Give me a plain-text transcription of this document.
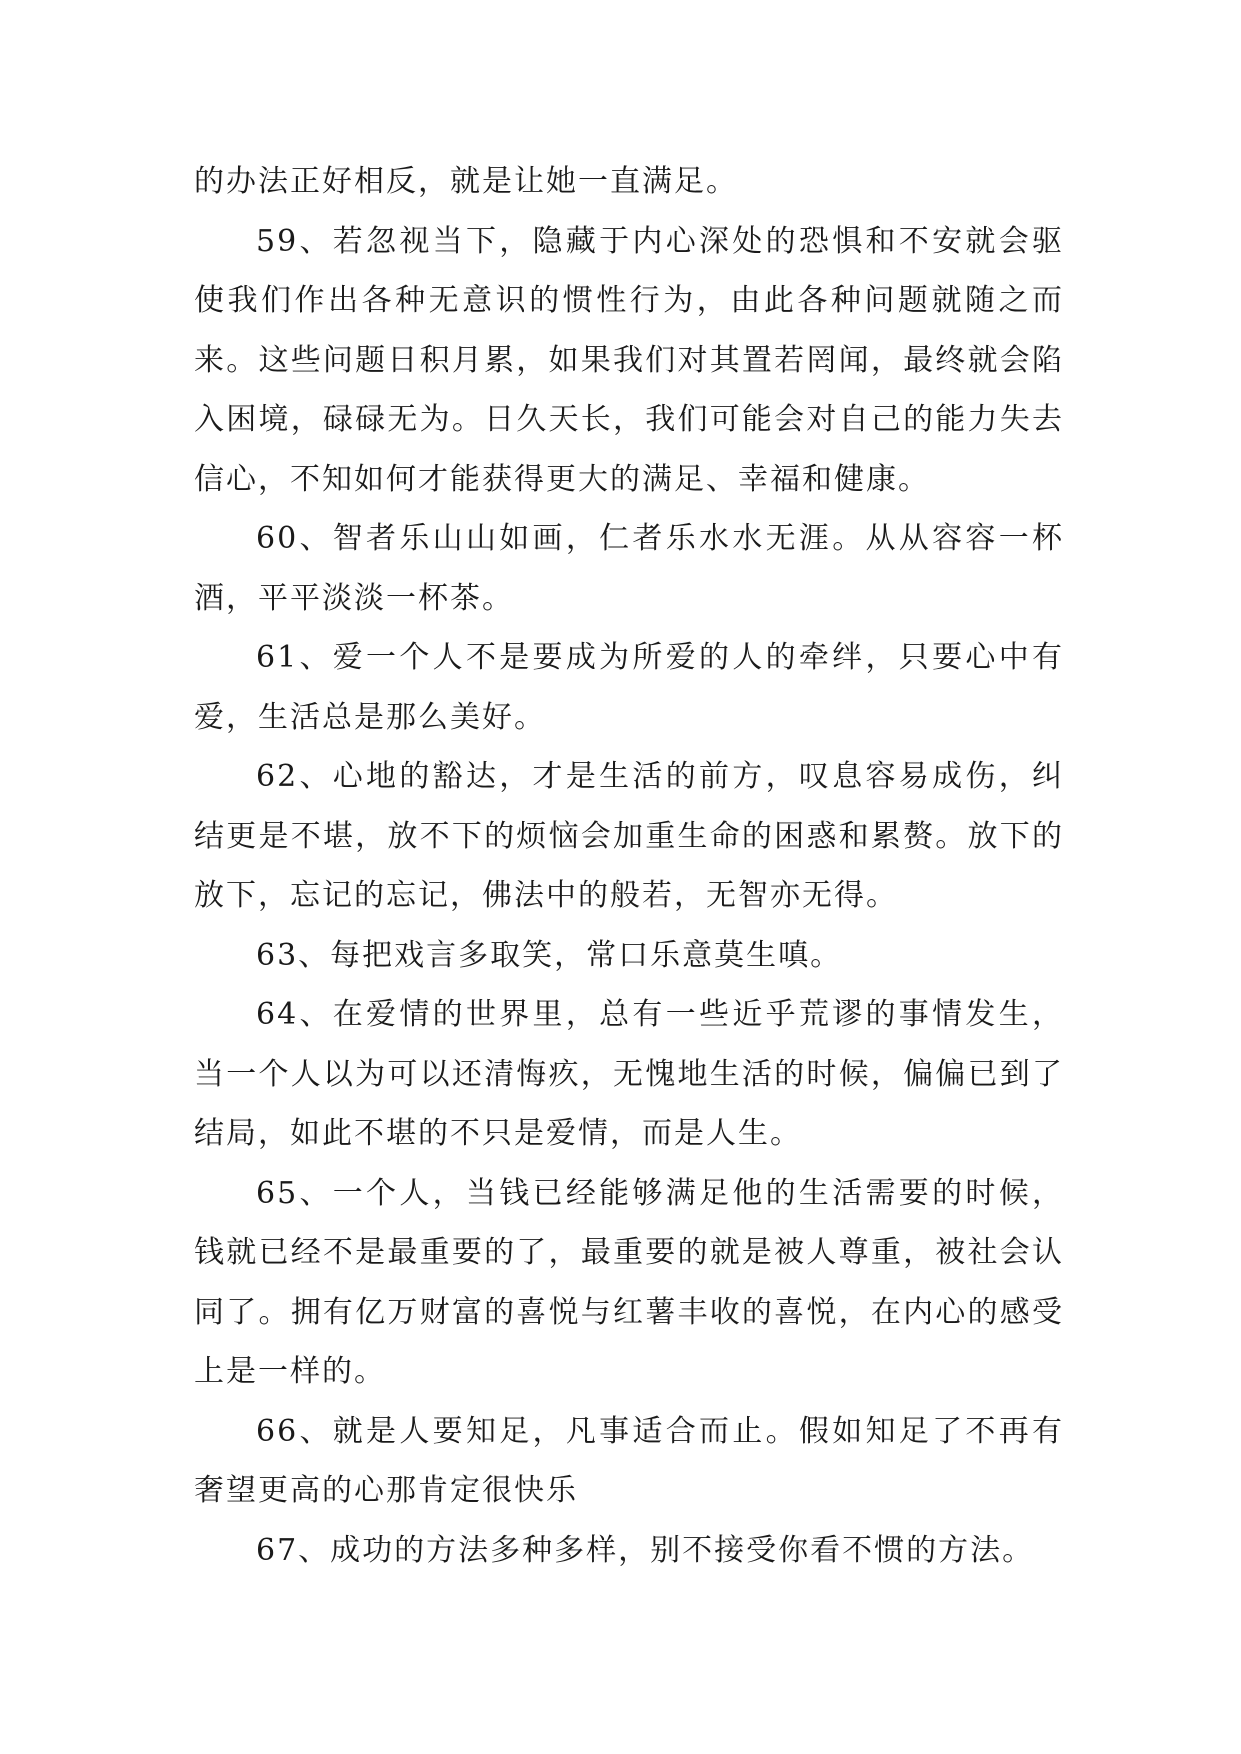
的办法正好相反，就是让她一直满足。

59、若忽视当下，隐藏于内心深处的恐惧和不安就会驱使我们作出各种无意识的惯性行为，由此各种问题就随之而来。这些问题日积月累，如果我们对其置若罔闻，最终就会陷入困境，碌碌无为。日久天长，我们可能会对自己的能力失去信心，不知如何才能获得更大的满足、幸福和健康。

60、智者乐山山如画，仁者乐水水无涯。从从容容一杯酒，平平淡淡一杯茶。

61、爱一个人不是要成为所爱的人的牵绊，只要心中有爱，生活总是那么美好。

62、心地的豁达，才是生活的前方，叹息容易成伤，纠结更是不堪，放不下的烦恼会加重生命的困惑和累赘。放下的放下，忘记的忘记，佛法中的般若，无智亦无得。

63、每把戏言多取笑，常口乐意莫生嗔。

64、在爱情的世界里，总有一些近乎荒谬的事情发生，当一个人以为可以还清悔疚，无愧地生活的时候，偏偏已到了结局，如此不堪的不只是爱情，而是人生。

65、一个人，当钱已经能够满足他的生活需要的时候，钱就已经不是最重要的了，最重要的就是被人尊重，被社会认同了。拥有亿万财富的喜悦与红薯丰收的喜悦，在内心的感受上是一样的。

66、就是人要知足，凡事适合而止。假如知足了不再有奢望更高的心那肯定很快乐

67、成功的方法多种多样，别不接受你看不惯的方法。
